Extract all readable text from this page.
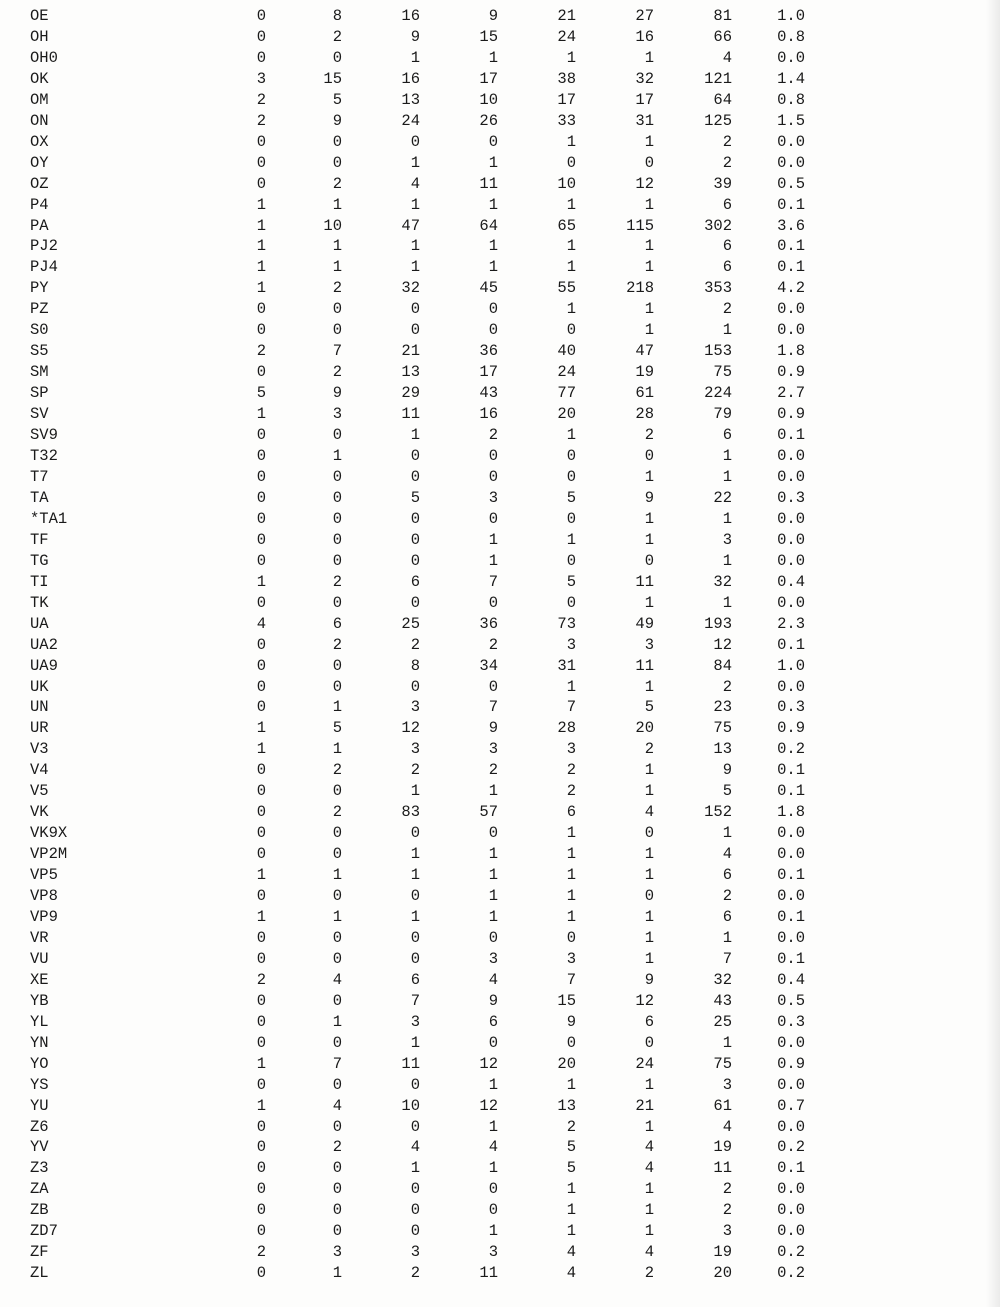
OE	0	8	16	9	21	27	81	1.0
OH	0	2	9	15	24	16	66	0.8
OH0	0	0	1	1	1	1	4	0.0
OK	3	15	16	17	38	32	121	1.4
OM	2	5	13	10	17	17	64	0.8
ON	2	9	24	26	33	31	125	1.5
OX	0	0	0	0	1	1	2	0.0
OY	0	0	1	1	0	0	2	0.0
OZ	0	2	4	11	10	12	39	0.5
P4	1	1	1	1	1	1	6	0.1
PA	1	10	47	64	65	115	302	3.6
PJ2	1	1	1	1	1	1	6	0.1
PJ4	1	1	1	1	1	1	6	0.1
PY	1	2	32	45	55	218	353	4.2
PZ	0	0	0	0	1	1	2	0.0
S0	0	0	0	0	0	1	1	0.0
S5	2	7	21	36	40	47	153	1.8
SM	0	2	13	17	24	19	75	0.9
SP	5	9	29	43	77	61	224	2.7
SV	1	3	11	16	20	28	79	0.9
SV9	0	0	1	2	1	2	6	0.1
T32	0	1	0	0	0	0	1	0.0
T7	0	0	0	0	0	1	1	0.0
TA	0	0	5	3	5	9	22	0.3
*TA1	0	0	0	0	0	1	1	0.0
TF	0	0	0	1	1	1	3	0.0
TG	0	0	0	1	0	0	1	0.0
TI	1	2	6	7	5	11	32	0.4
TK	0	0	0	0	0	1	1	0.0
UA	4	6	25	36	73	49	193	2.3
UA2	0	2	2	2	3	3	12	0.1
UA9	0	0	8	34	31	11	84	1.0
UK	0	0	0	0	1	1	2	0.0
UN	0	1	3	7	7	5	23	0.3
UR	1	5	12	9	28	20	75	0.9
V3	1	1	3	3	3	2	13	0.2
V4	0	2	2	2	2	1	9	0.1
V5	0	0	1	1	2	1	5	0.1
VK	0	2	83	57	6	4	152	1.8
VK9X	0	0	0	0	1	0	1	0.0
VP2M	0	0	1	1	1	1	4	0.0
VP5	1	1	1	1	1	1	6	0.1
VP8	0	0	0	1	1	0	2	0.0
VP9	1	1	1	1	1	1	6	0.1
VR	0	0	0	0	0	1	1	0.0
VU	0	0	0	3	3	1	7	0.1
XE	2	4	6	4	7	9	32	0.4
YB	0	0	7	9	15	12	43	0.5
YL	0	1	3	6	9	6	25	0.3
YN	0	0	1	0	0	0	1	0.0
YO	1	7	11	12	20	24	75	0.9
YS	0	0	0	1	1	1	3	0.0
YU	1	4	10	12	13	21	61	0.7
Z6	0	0	0	1	2	1	4	0.0
YV	0	2	4	4	5	4	19	0.2
Z3	0	0	1	1	5	4	11	0.1
ZA	0	0	0	0	1	1	2	0.0
ZB	0	0	0	0	1	1	2	0.0
ZD7	0	0	0	1	1	1	3	0.0
ZF	2	3	3	3	4	4	19	0.2
ZL	0	1	2	11	4	2	20	0.2
